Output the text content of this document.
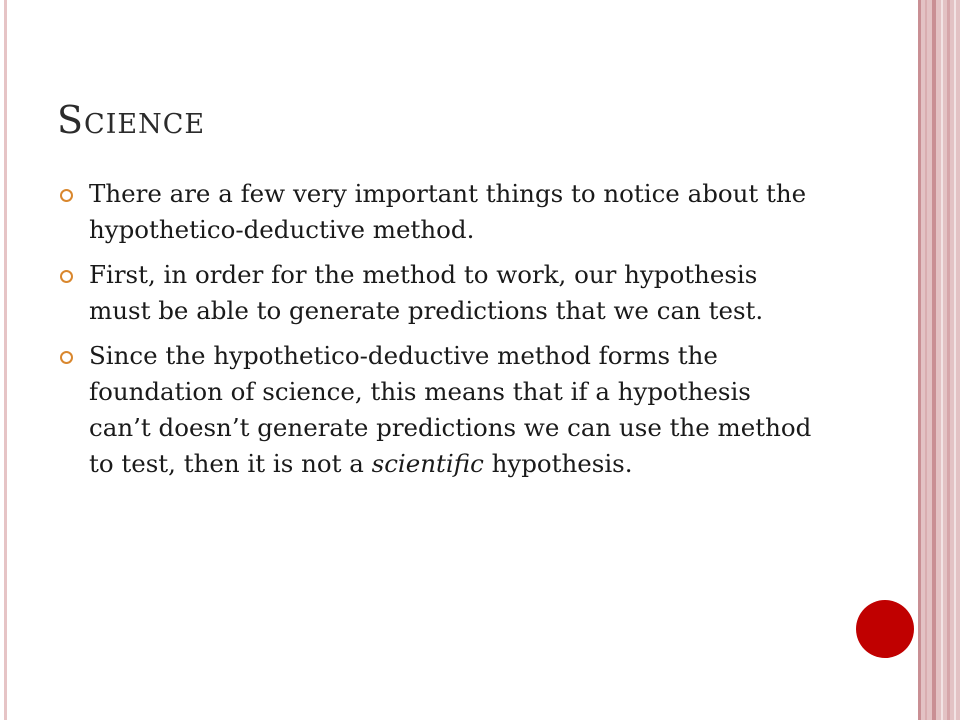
Science
There are a few very important things to notice about the hypothetico-deductive method.
First, in order for the method to work, our hypothesis must be able to generate predictions that we can test.
Since the hypothetico-deductive method forms the foundation of science, this means that if a hypothesis can’t doesn’t generate predictions we can use the method to test, then it is not a scientific hypothesis.
